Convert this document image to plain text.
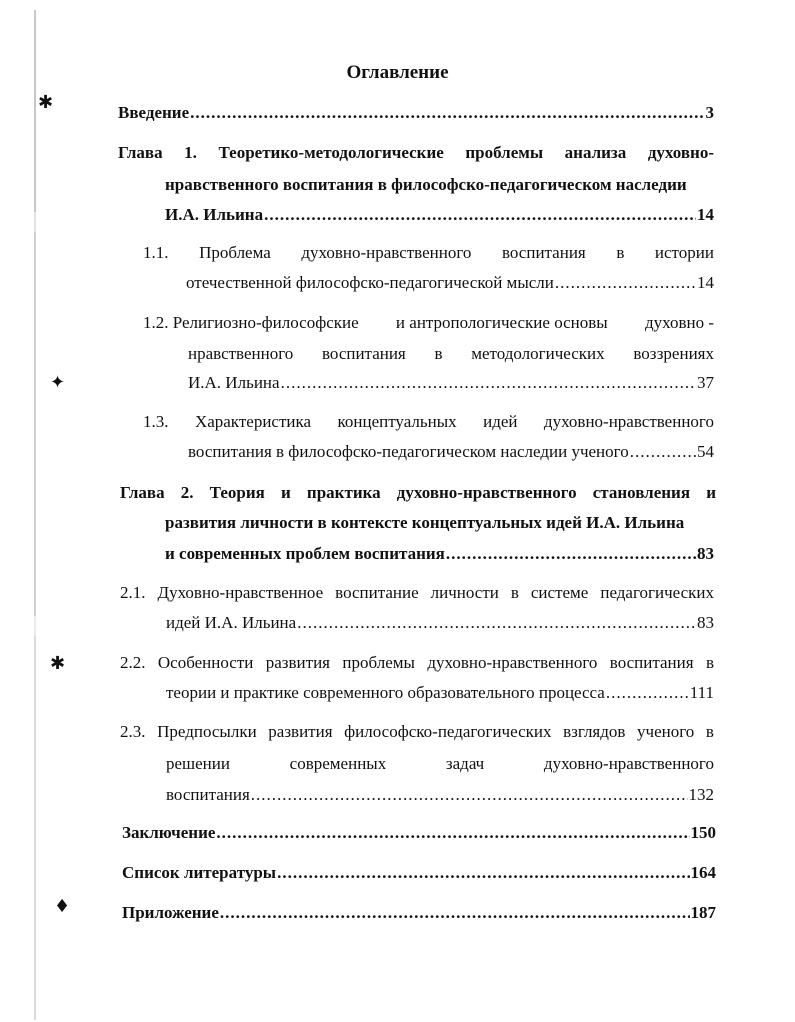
✱
✦
✱
♦
Оглавление
Введение .....	3
Глава 1. Теоретико-методологические проблемы анализа духовно-
нравственного воспитания в философско-педагогическом наследии
И.А. Ильина .....	14
1.1. Проблема духовно-нравственного воспитания в истории
отечественной философско-педагогической мысли .....	14
1.2. Религиозно-философские и антропологические основы духовно -
нравственного воспитания в методологических воззрениях
И.А. Ильина .....	37
1.3. Характеристика концептуальных идей духовно-нравственного
воспитания в философско-педагогическом наследии ученого .....	54
Глава 2. Теория и практика духовно-нравственного становления и
развития личности в контексте концептуальных идей И.А. Ильина
и современных проблем воспитания .....	83
2.1. Духовно-нравственное воспитание личности в системе педагогических
идей И.А. Ильина .....	83
2.2. Особенности развития проблемы духовно-нравственного воспитания в
теории и практике современного образовательного процесса .....	111
2.3. Предпосылки развития философско-педагогических взглядов ученого в
решении	современных	задач	духовно-нравственного
воспитания .....	132
Заключение .....	150
Список литературы .....	164
Приложение .....	187
